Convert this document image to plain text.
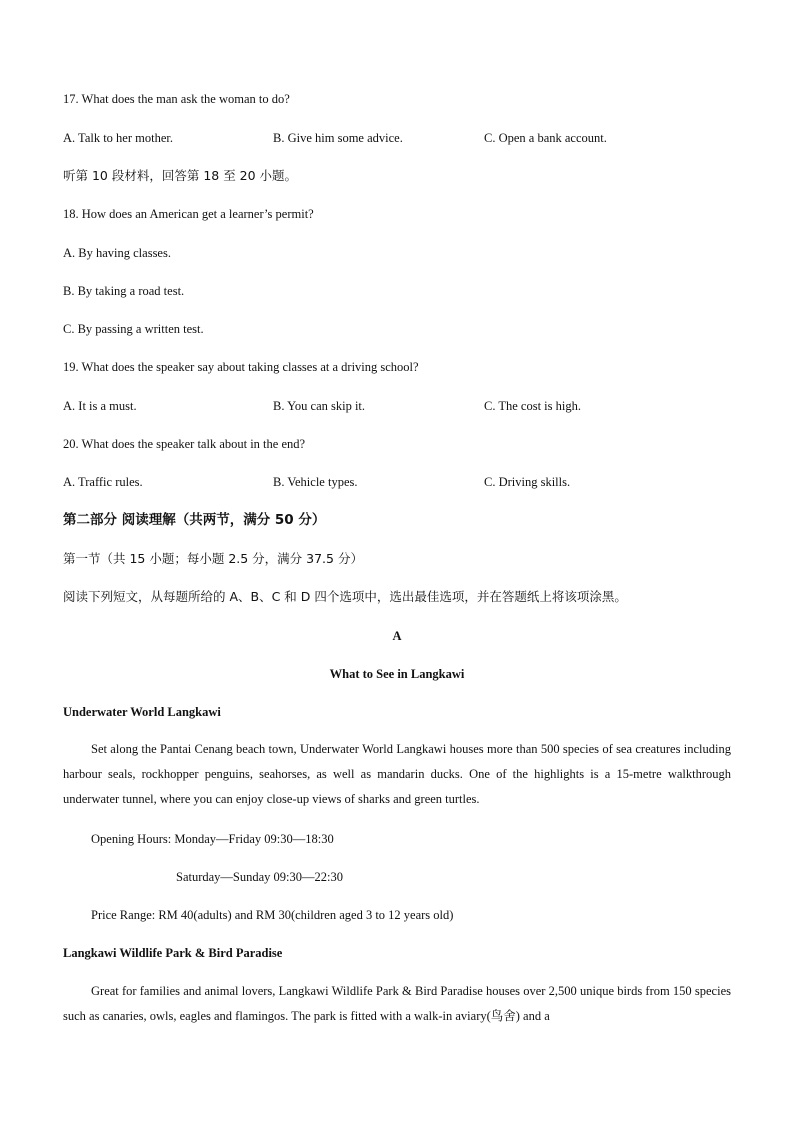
17. What does the man ask the woman to do?
A. Talk to her mother.	B. Give him some advice.	C. Open a bank account.
听第 10 段材料，回答第 18 至 20 小题。
18. How does an American get a learner’s permit?
A. By having classes.
B. By taking a road test.
C. By passing a written test.
19. What does the speaker say about taking classes at a driving school?
A. It is a must.	B. You can skip it.	C. The cost is high.
20. What does the speaker talk about in the end?
A. Traffic rules.	B. Vehicle types.	C. Driving skills.
第二部分 阅读理解（共两节，满分 50 分）
第一节（共 15 小题；每小题 2.5 分，满分 37.5 分）
阅读下列短文，从每题所给的 A、B、C 和 D 四个选项中，选出最佳选项，并在答题纸上将该项涂黑。
A
What to See in Langkawi
Underwater World Langkawi
Set along the Pantai Cenang beach town, Underwater World Langkawi houses more than 500 species of sea creatures including harbour seals, rockhopper penguins, seahorses, as well as mandarin ducks. One of the highlights is a 15-metre walkthrough underwater tunnel, where you can enjoy close-up views of sharks and green turtles.
Opening Hours: Monday—Friday 09:30—18:30
Saturday—Sunday 09:30—22:30
Price Range: RM 40(adults) and RM 30(children aged 3 to 12 years old)
Langkawi Wildlife Park & Bird Paradise
Great for families and animal lovers, Langkawi Wildlife Park & Bird Paradise houses over 2,500 unique birds from 150 species such as canaries, owls, eagles and flamingos. The park is fitted with a walk-in aviary(鸟舍) and a
